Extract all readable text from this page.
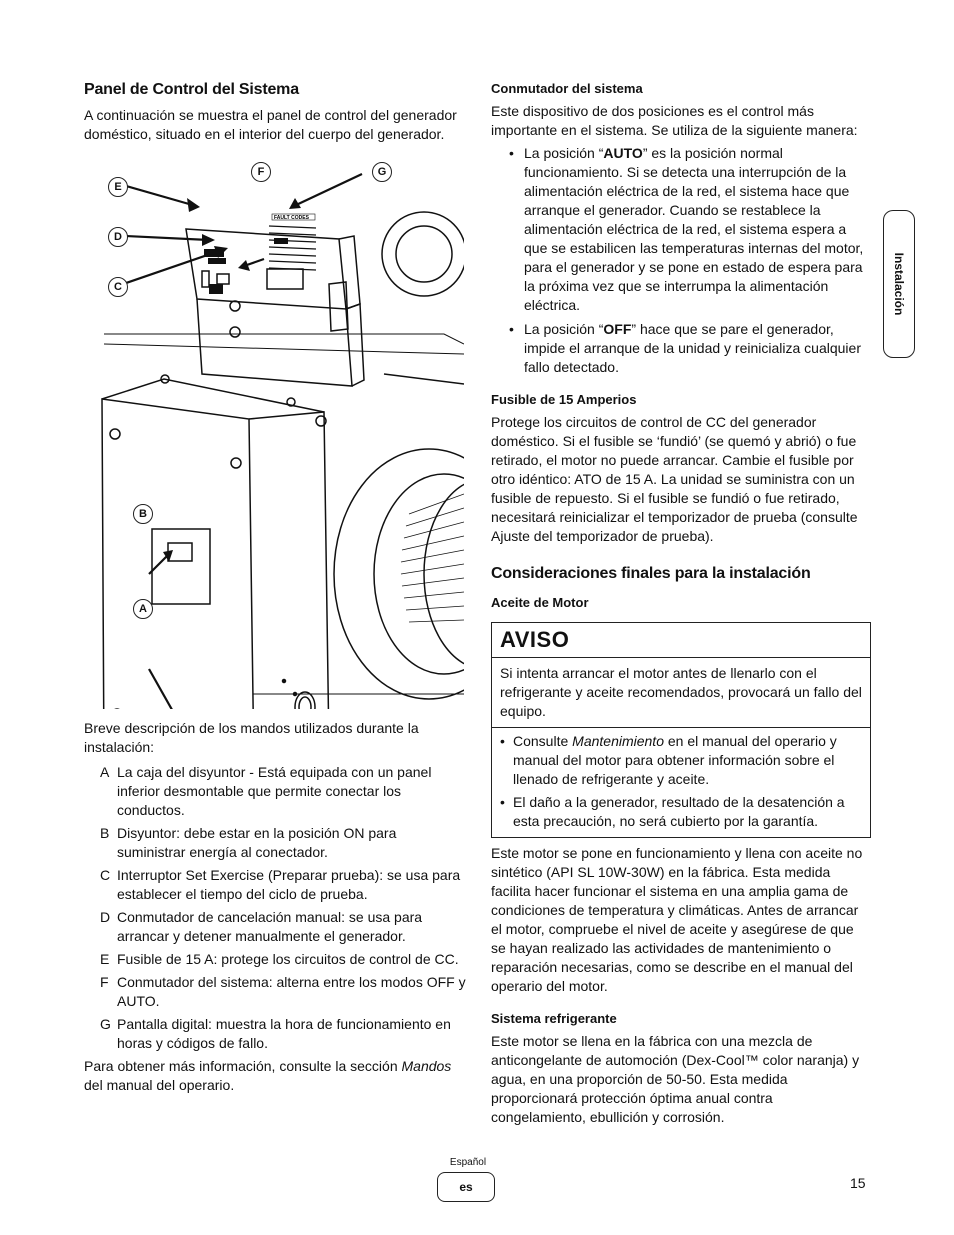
Instalación
Panel de Control del Sistema

A continuación se muestra el panel de control del generador doméstico, situado en el interior del cuerpo del generador.

FAULT CODES
E
D
C
F	G
B
A

Breve descripción de los mandos utilizados durante la instalación:

A La caja del disyuntor - Está equipada con un panel inferior desmontable que permite conectar los conductos.
B Disyuntor: debe estar en la posición ON para suministrar energía al conectador.
C Interruptor Set Exercise (Preparar prueba): se usa para establecer el tiempo del ciclo de prueba.
D Conmutador de cancelación manual: se usa para arrancar y detener manualmente el generador.
E Fusible de 15 A: protege los circuitos de control de CC.
F Conmutador del sistema: alterna entre los modos OFF y AUTO.
G Pantalla digital: muestra la hora de funcionamiento en horas y códigos de fallo.

Para obtener más información, consulte la sección Mandos del manual del operario.

Conmutador del sistema

Este dispositivo de dos posiciones es el control más importante en el sistema. Se utiliza de la siguiente manera:

• La posición “AUTO” es la posición normal funcionamiento. Si se detecta una interrupción de la alimentación eléctrica de la red, el sistema hace que arranque el generador. Cuando se restablece la alimentación eléctrica de la red, el sistema espera a que se estabilicen las temperaturas internas del motor, para el generador y se pone en estado de espera para la próxima vez que se interrumpa la alimentación eléctrica.
• La posición “OFF” hace que se pare el generador, impide el arranque de la unidad y reinicializa cualquier fallo detectado.
Fusible de 15 Amperios

Protege los circuitos de control de CC del generador doméstico. Si el fusible se ‘fundió’ (se quemó y abrió) o fue retirado, el motor no puede arrancar. Cambie el fusible por otro idéntico: ATO de 15 A. La unidad se suministra con un fusible de repuesto. Si el fusible se fundió o fue retirado, necesitará reinicializar el temporizador de prueba (consulte Ajuste del temporizador de prueba).

Consideraciones finales para la instalación
Aceite de Motor
AVISO
Si intenta arrancar el motor antes de llenarlo con el refrigerante y aceite recomendados, provocará un fallo del equipo.
• Consulte Mantenimiento en el manual del operario y manual del motor para obtener información sobre el llenado de refrigerante y aceite.
• El daño a la generador, resultado de la desatención a esta precaución, no será cubierto por la garantía.

Este motor se pone en funcionamiento y llena con aceite no sintético (API SL 10W-30W) en la fábrica. Esta medida facilita hacer funcionar el sistema en una amplia gama de condiciones de temperatura y climáticas. Antes de arrancar el motor, compruebe el nivel de aceite y asegúrese de que se hayan realizado las actividades de mantenimiento o reparación necesarias, como se describe en el manual del operario del motor.

Sistema refrigerante

Este motor se llena en la fábrica con una mezcla de anticongelante de automoción (Dex-Cool™ color naranja) y agua, en una proporción de 50-50. Esta medida proporcionará protección óptima anual contra congelamiento, ebullición y corrosión.

Español
es	15
